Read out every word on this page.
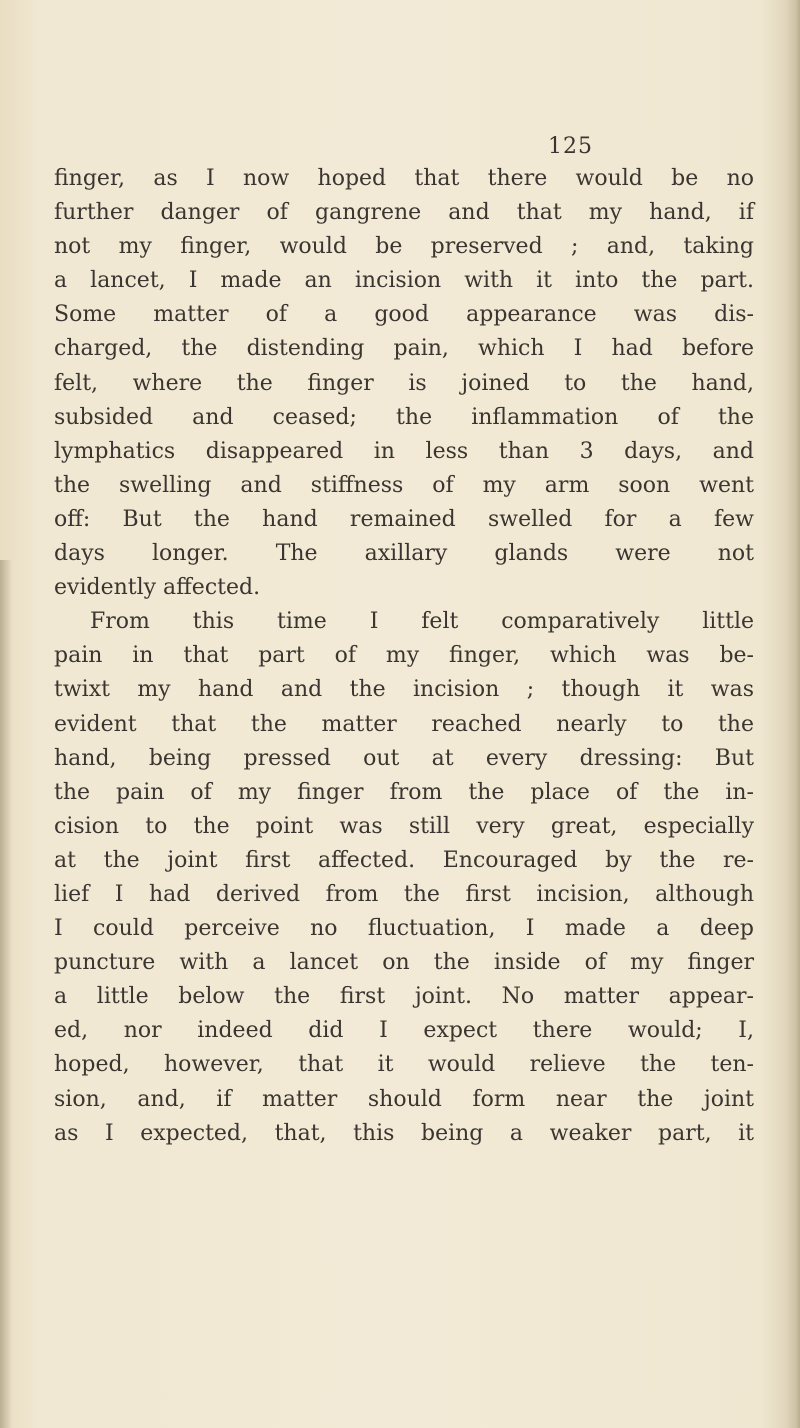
125
finger, as I now hoped that there would be no
further danger of gangrene and that my hand, if
not my finger, would be preserved ; and, taking
a lancet, I made an incision with it into the part.
Some matter of a good appearance was dis-
charged, the distending pain, which I had before
felt, where the finger is joined to the hand,
subsided and ceased; the inflammation of the
lymphatics disappeared in less than 3 days, and
the swelling and stiffness of my arm soon went
off: But the hand remained swelled for a few
days longer. The axillary glands were not
evidently affected.
From this time I felt comparatively little
pain in that part of my finger, which was be-
twixt my hand and the incision ; though it was
evident that the matter reached nearly to the
hand, being pressed out at every dressing: But
the pain of my finger from the place of the in-
cision to the point was still very great, especially
at the joint first affected. Encouraged by the re-
lief I had derived from the first incision, although
I could perceive no fluctuation, I made a deep
puncture with a lancet on the inside of my finger
a little below the first joint. No matter appear-
ed, nor indeed did I expect there would; I,
hoped, however, that it would relieve the ten-
sion, and, if matter should form near the joint
as I expected, that, this being a weaker part, it
